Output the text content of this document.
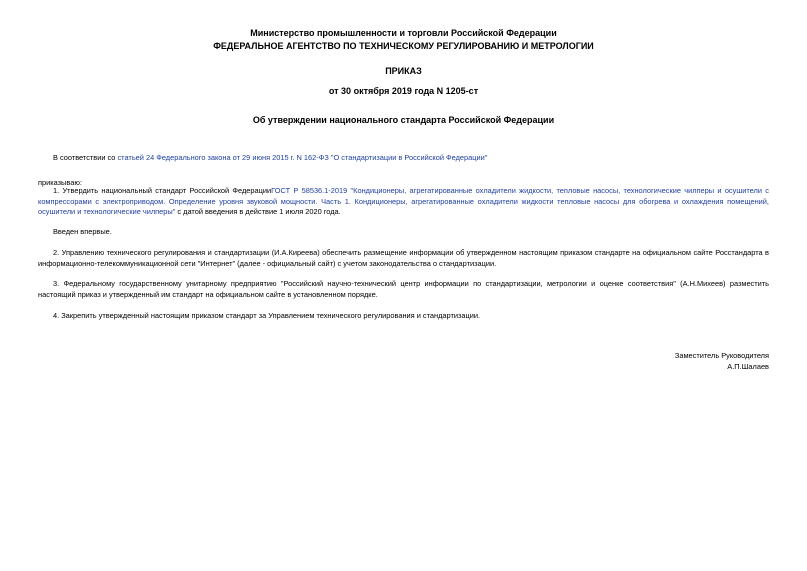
Министерство промышленности и торговли Российской Федерации
ФЕДЕРАЛЬНОЕ АГЕНТСТВО ПО ТЕХНИЧЕСКОМУ РЕГУЛИРОВАНИЮ И МЕТРОЛОГИИ
ПРИКАЗ
от 30 октября 2019 года N 1205-ст
Об утверждении национального стандарта Российской Федерации

В соответствии со статьей 24 Федерального закона от 29 июня 2015 г. N 162-ФЗ "О стандартизации в Российской Федерации"

приказываю:

1. Утвердить национальный стандарт Российской ФедерацииГОСТ Р 58536.1-2019 "Кондиционеры, агрегатированные охладители жидкости, тепловые насосы, технологические чилперы и осушители с компрессорами с электроприводом. Определение уровня звуковой мощности. Часть 1. Кондиционеры, агрегатированные охладители жидкости тепловые насосы для обогрева и охлаждения помещений, осушители и технологические чилперы" с датой введения в действие 1 июля 2020 года.

Введен впервые.

2. Управлению технического регулирования и стандартизации (И.А.Киреева) обеспечить размещение информации об утвержденном настоящим приказом стандарте на официальном сайте Росстандарта в информационно-телекоммуникационной сети "Интернет" (далее - официальный сайт) с учетом законодательства о стандартизации.

3. Федеральному государственному унитарному предприятию "Российский научно-технический центр информации по стандартизации, метрологии и оценке соответствия" (А.Н.Михеев) разместить настоящий приказ и утвержденный им стандарт на официальном сайте в установленном порядке.

4. Закрепить утвержденный настоящим приказом стандарт за Управлением технического регулирования и стандартизации.

Заместитель Руководителя
А.П.Шалаев
